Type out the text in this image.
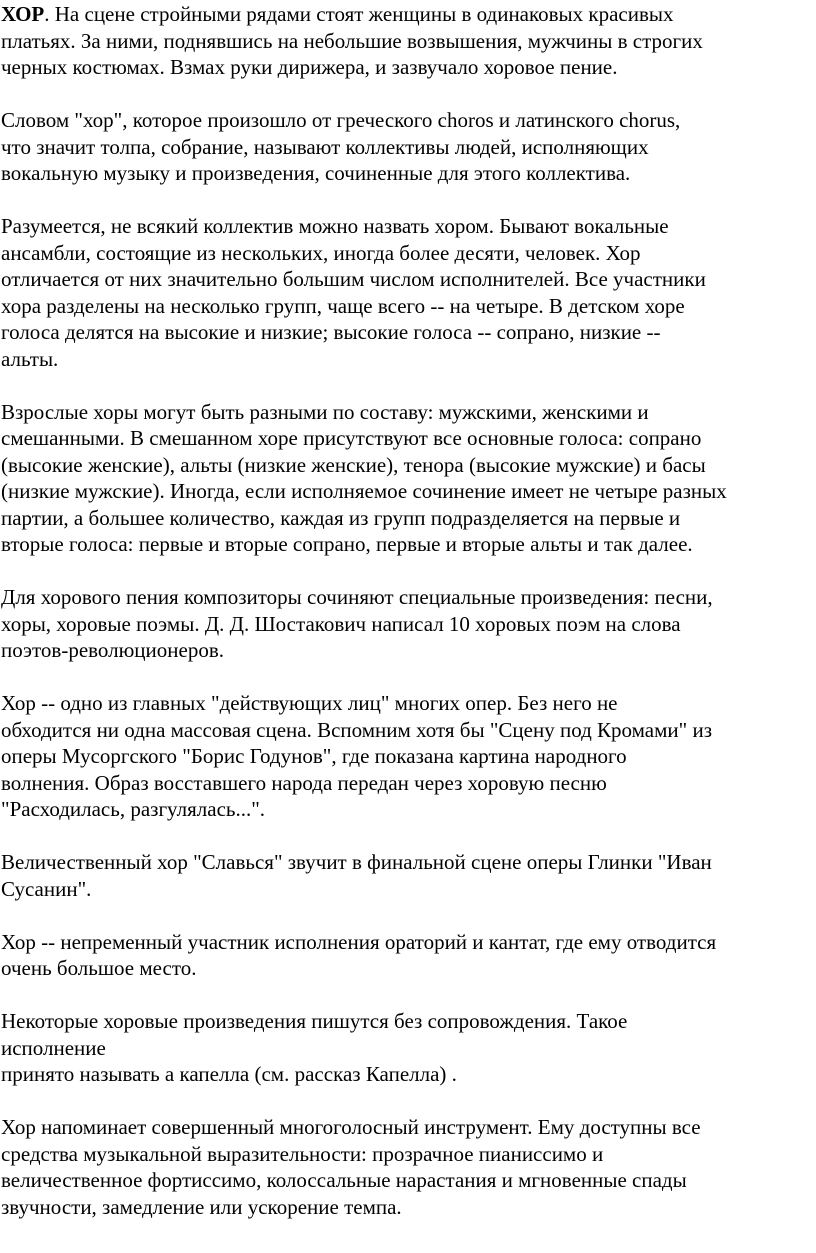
ХОР. На сцене стройными рядами стоят женщины в одинаковых красивых
платьях. За ними, поднявшись на небольшие возвышения, мужчины в строгих
черных костюмах. Взмах руки дирижера, и зазвучало хоровое пение.

Словом "хор", которое произошло от греческого choros и латинского chorus,
что значит толпа, собрание, называют коллективы людей, исполняющих
вокальную музыку и произведения, сочиненные для этого коллектива.

Разумеется, не всякий коллектив можно назвать хором. Бывают вокальные
ансамбли, состоящие из нескольких, иногда более десяти, человек. Хор
отличается от них значительно большим числом исполнителей. Все участники
хора разделены на несколько групп, чаще всего -- на четыре. В детском хоре
голоса делятся на высокие и низкие; высокие голоса -- сопрано, низкие --
альты.

Взрослые хоры могут быть разными по составу: мужскими, женскими и
смешанными. В смешанном хоре присутствуют все основные голоса: сопрано
(высокие женские), альты (низкие женские), тенора (высокие мужские) и басы
(низкие мужские). Иногда, если исполняемое сочинение имеет не четыре разных
партии, а большее количество, каждая из групп подразделяется на первые и
вторые голоса: первые и вторые сопрано, первые и вторые альты и так далее.

Для хорового пения композиторы сочиняют специальные произведения: песни,
хоры, хоровые поэмы. Д. Д. Шостакович написал 10 хоровых поэм на слова
поэтов-революционеров.

Хор -- одно из главных "действующих лиц" многих опер. Без него не
обходится ни одна массовая сцена. Вспомним хотя бы "Сцену под Кромами" из
оперы Мусоргского "Борис Годунов", где показана картина народного
волнения. Образ восставшего народа передан через хоровую песню
"Расходилась, разгулялась...".

Величественный хор "Славься" звучит в финальной сцене оперы Глинки "Иван
Сусанин".

Хор -- непременный участник исполнения ораторий и кантат, где ему отводится
очень большое место.

Некоторые хоровые произведения пишутся без сопровождения. Такое
исполнение
принято называть а капелла (см. рассказ Капелла) .

Хор напоминает совершенный многоголосный инструмент. Ему доступны все
средства музыкальной выразительности: прозрачное пианиссимо и
величественное фортиссимо, колоссальные нарастания и мгновенные спады
звучности, замедление или ускорение темпа.
